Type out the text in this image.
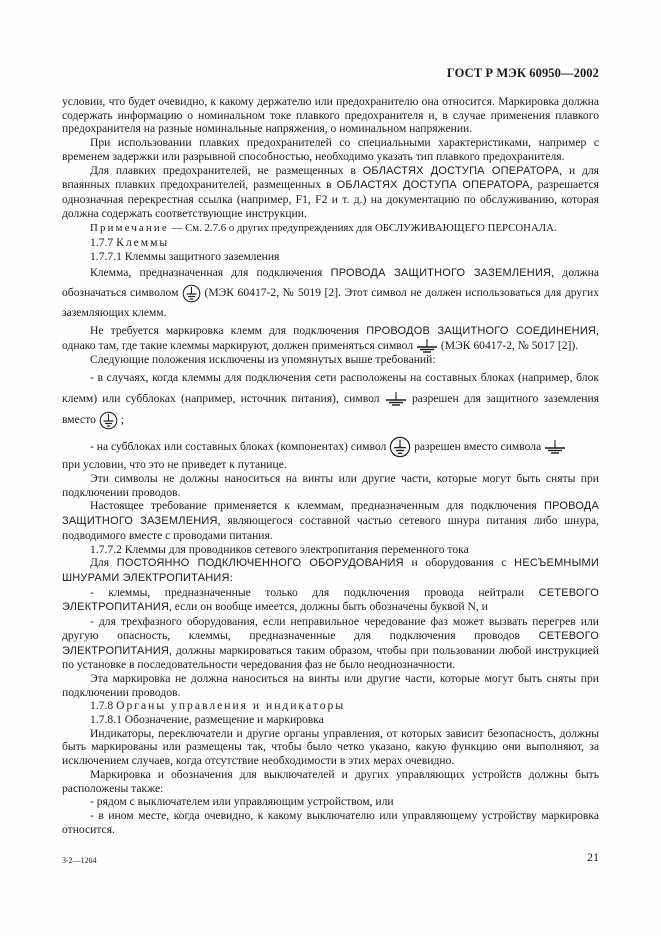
ГОСТ Р МЭК 60950—2002

условии, что будет очевидно, к какому держателю или предохранителю она относится. Маркировка должна содержать информацию о номинальном токе плавкого предохранителя и, в случае применения плавкого предохранителя на разные номинальные напряжения, о номинальном напряжении.

При использовании плавких предохранителей со специальными характеристиками, например с временем задержки или разрывной способностью, необходимо указать тип плавкого предохранителя.

Для плавких предохранителей, не размещенных в ОБЛАСТЯХ ДОСТУПА ОПЕРАТОРА, и для впаянных плавких предохранителей, размещенных в ОБЛАСТЯХ ДОСТУПА ОПЕРАТОРА, разрешается однозначная перекрестная ссылка (например, F1, F2 и т. д.) на документацию по обслуживанию, которая должна содержать соответствующие инструкции.

Примечание — См. 2.7.6 о других предупреждениях для ОБСЛУЖИВАЮЩЕГО ПЕРСОНАЛА.

1.7.7 Клеммы

1.7.7.1 Клеммы защитного заземления

Клемма, предназначенная для подключения ПРОВОДА ЗАЩИТНОГО ЗАЗЕМЛЕНИЯ, должна обозначаться символом
(МЭК 60417-2, № 5019 [2]. Этот символ не должен использоваться для других заземляющих клемм.

Не требуется маркировка клемм для подключения ПРОВОДОВ ЗАЩИТНОГО СОЕДИНЕНИЯ, однако там, где такие клеммы маркируют, должен применяться символ
(МЭК 60417-2, № 5017 [2]).

Следующие положения исключены из упомянутых выше требований:

- в случаях, когда клеммы для подключения сети расположены на составных блоках (например, блок клемм) или субблоках (например, источник питания), символ
разрешен для защитного заземления вместо
;

- на субблоках или составных блоках (компонентах) символ
разрешен вместо символа

при условии, что это не приведет к путанице.

Эти символы не должны наноситься на винты или другие части, которые могут быть сняты при подключении проводов.

Настоящее требование применяется к клеммам, предназначенным для подключения ПРОВОДА ЗАЩИТНОГО ЗАЗЕМЛЕНИЯ, являющегося составной частью сетевого шнура питания либо шнура, подводимого вместе с проводами питания.

1.7.7.2 Клеммы для проводников сетевого электропитания переменного тока

Для ПОСТОЯННО ПОДКЛЮЧЕННОГО ОБОРУДОВАНИЯ и оборудования с НЕСЪЕМНЫМИ ШНУРАМИ ЭЛЕКТРОПИТАНИЯ:

- клеммы, предназначенные только для подключения провода нейтрали СЕТЕВОГО ЭЛЕКТРОПИТАНИЯ, если он вообще имеется, должны быть обозначены буквой N, и

- для трехфазного оборудования, если неправильное чередование фаз может вызвать перегрев или другую опасность, клеммы, предназначенные для подключения проводов СЕТЕВОГО ЭЛЕКТРОПИТАНИЯ, должны маркироваться таким образом, чтобы при пользовании любой инструкцией по установке в последовательности чередования фаз не было неоднозначности.

Эта маркировка не должна наноситься на винты или другие части, которые могут быть сняты при подключении проводов.

1.7.8 Органы управления и индикаторы

1.7.8.1 Обозначение, размещение и маркировка

Индикаторы, переключатели и другие органы управления, от которых зависит безопасность, должны быть маркированы или размещены так, чтобы было четко указано, какую функцию они выполняют, за исключением случаев, когда отсутствие необходимости в этих мерах очевидно.

Маркировка и обозначения для выключателей и других управляющих устройств должны быть расположены также:

- рядом с выключателем или управляющим устройством, или

- в ином месте, когда очевидно, к какому выключателю или управляющему устройству маркировка относится.

3-2—1204	21
